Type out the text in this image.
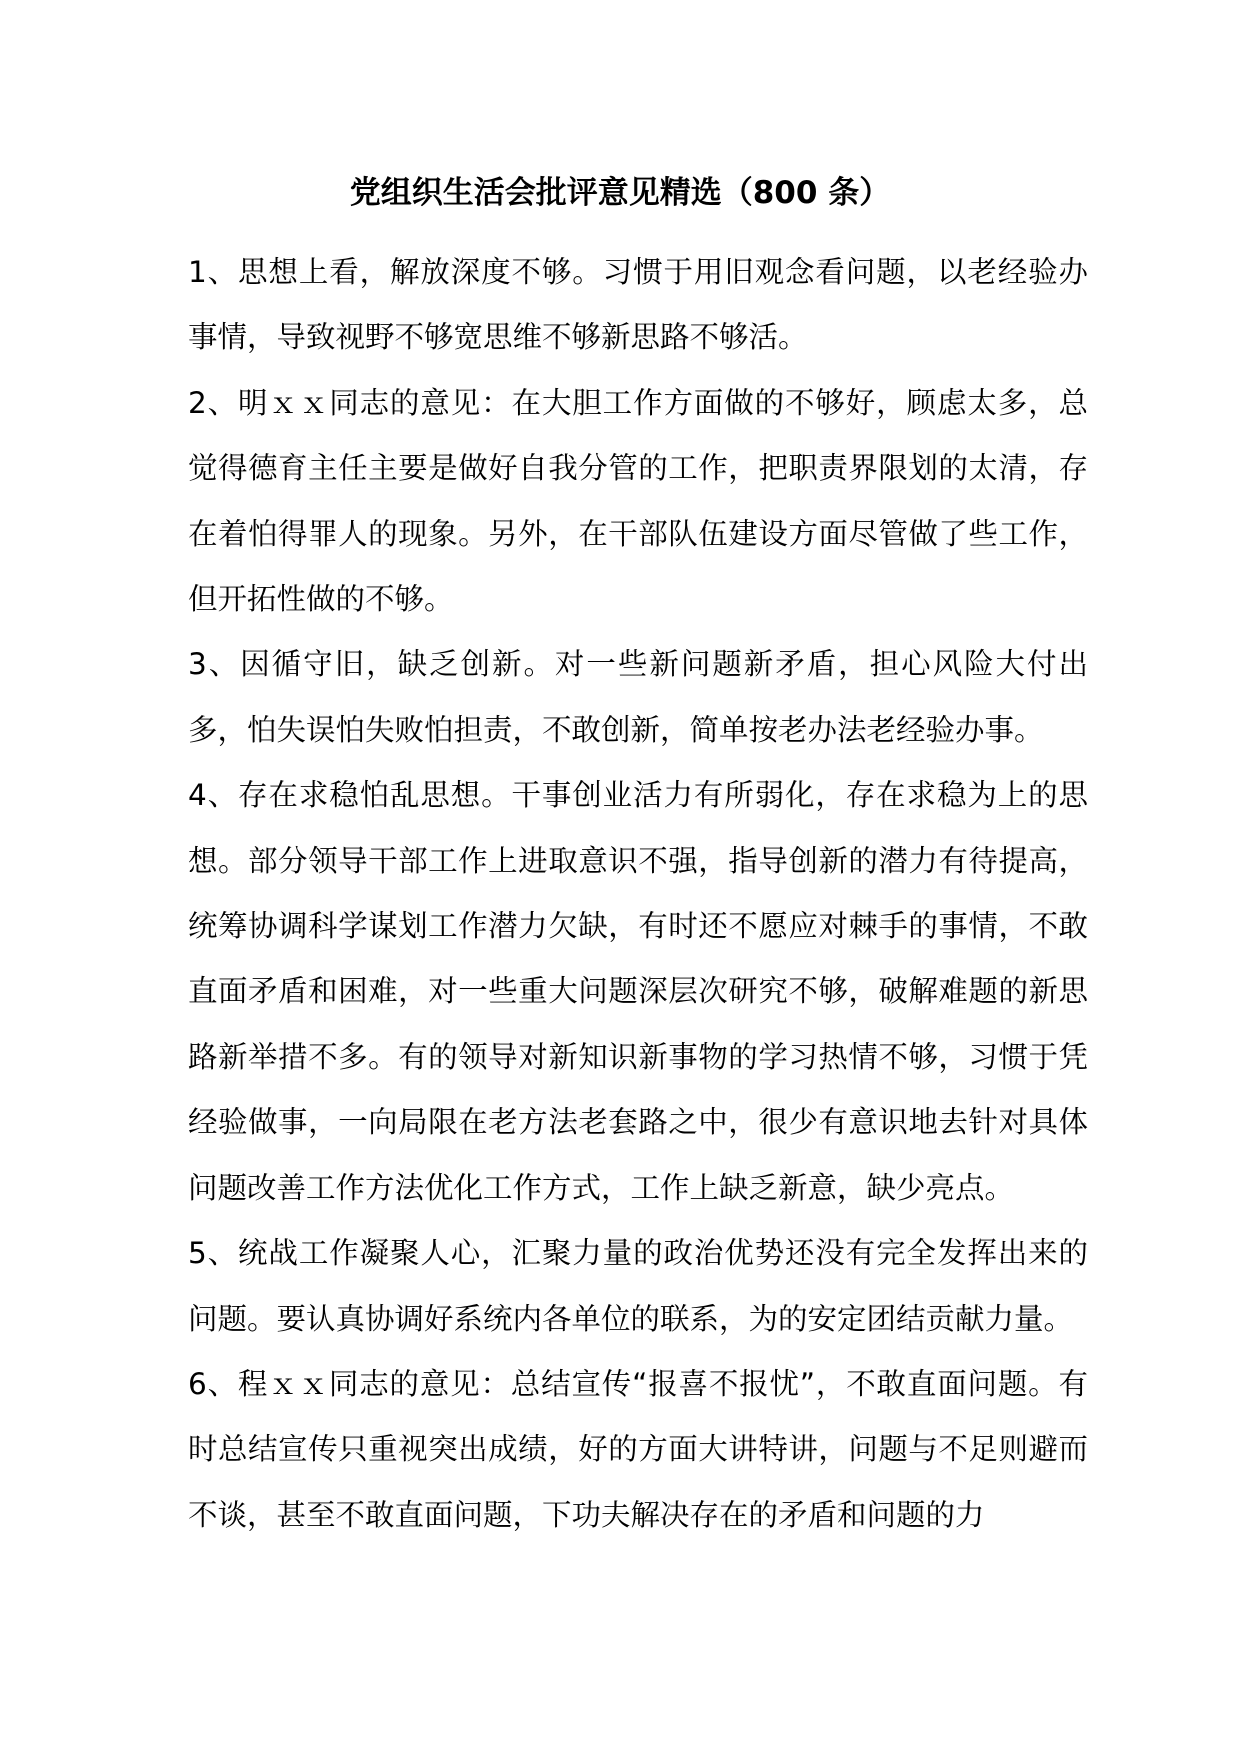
党组织生活会批评意见精选（800 条）

1、思想上看，解放深度不够。习惯于用旧观念看问题，以老经验办事情，导致视野不够宽思维不够新思路不够活。

2、明ｘｘ同志的意见：在大胆工作方面做的不够好，顾虑太多，总觉得德育主任主要是做好自我分管的工作，把职责界限划的太清，存在着怕得罪人的现象。另外，在干部队伍建设方面尽管做了些工作，但开拓性做的不够。

3、因循守旧，缺乏创新。对一些新问题新矛盾，担心风险大付出多，怕失误怕失败怕担责，不敢创新，简单按老办法老经验办事。

4、存在求稳怕乱思想。干事创业活力有所弱化，存在求稳为上的思想。部分领导干部工作上进取意识不强，指导创新的潜力有待提高，统筹协调科学谋划工作潜力欠缺，有时还不愿应对棘手的事情，不敢直面矛盾和困难，对一些重大问题深层次研究不够，破解难题的新思路新举措不多。有的领导对新知识新事物的学习热情不够，习惯于凭经验做事，一向局限在老方法老套路之中，很少有意识地去针对具体问题改善工作方法优化工作方式，工作上缺乏新意，缺少亮点。

5、统战工作凝聚人心，汇聚力量的政治优势还没有完全发挥出来的问题。要认真协调好系统内各单位的联系，为的安定团结贡献力量。

6、程ｘｘ同志的意见：总结宣传“报喜不报忧”，不敢直面问题。有时总结宣传只重视突出成绩，好的方面大讲特讲，问题与不足则避而不谈，甚至不敢直面问题，下功夫解决存在的矛盾和问题的力
